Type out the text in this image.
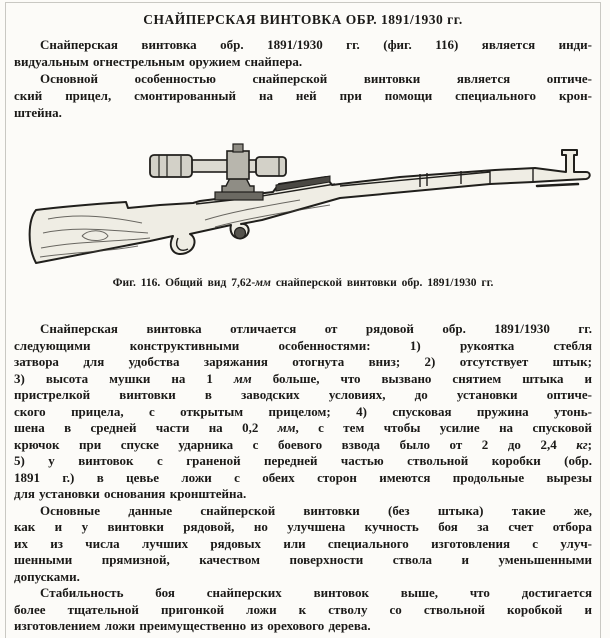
СНАЙПЕРСКАЯ ВИНТОВКА ОБР. 1891/1930 гг.
Снайперская винтовка обр. 1891/1930 гг. (фиг. 116) является инди-
видуальным огнестрельным оружием снайпера.
Основной особенностью снайперской винтовки является оптиче-
ский прицел, смонтированный на ней при помощи специального крон-
штейна.
Фиг. 116. Общий вид 7,62-мм снайперской винтовки обр. 1891/1930 гг.
Снайперская винтовка отличается от рядовой обр. 1891/1930 гг.
следующими конструктивными особенностями: 1) рукоятка стебля
затвора для удобства заряжания отогнута вниз; 2) отсутствует штык;
3) высота мушки на 1 мм больше, что вызвано снятием штыка и
пристрелкой винтовки в заводских условиях, до установки оптиче-
ского прицела, с открытым прицелом; 4) спусковая пружина утонь-
шена в средней части на 0,2 мм, с тем чтобы усилие на спусковой
крючок при спуске ударника с боевого взвода было от 2 до 2,4 кг;
5) у винтовок с граненой передней частью ствольной коробки (обр.
1891 г.) в цевье ложи с обеих сторон имеются продольные вырезы
для установки основания кронштейна.
Основные данные снайперской винтовки (без штыка) такие же,
как и у винтовки рядовой, но улучшена кучность боя за счет отбора
их из числа лучших рядовых или специального изготовления с улуч-
шенными прямизной, качеством поверхности ствола и уменьшенными
допусками.
Стабильность боя снайперских винтовок выше, что достигается
более тщательной пригонкой ложи к стволу со ствольной коробкой и
изготовлением ложи преимущественно из орехового дерева.
